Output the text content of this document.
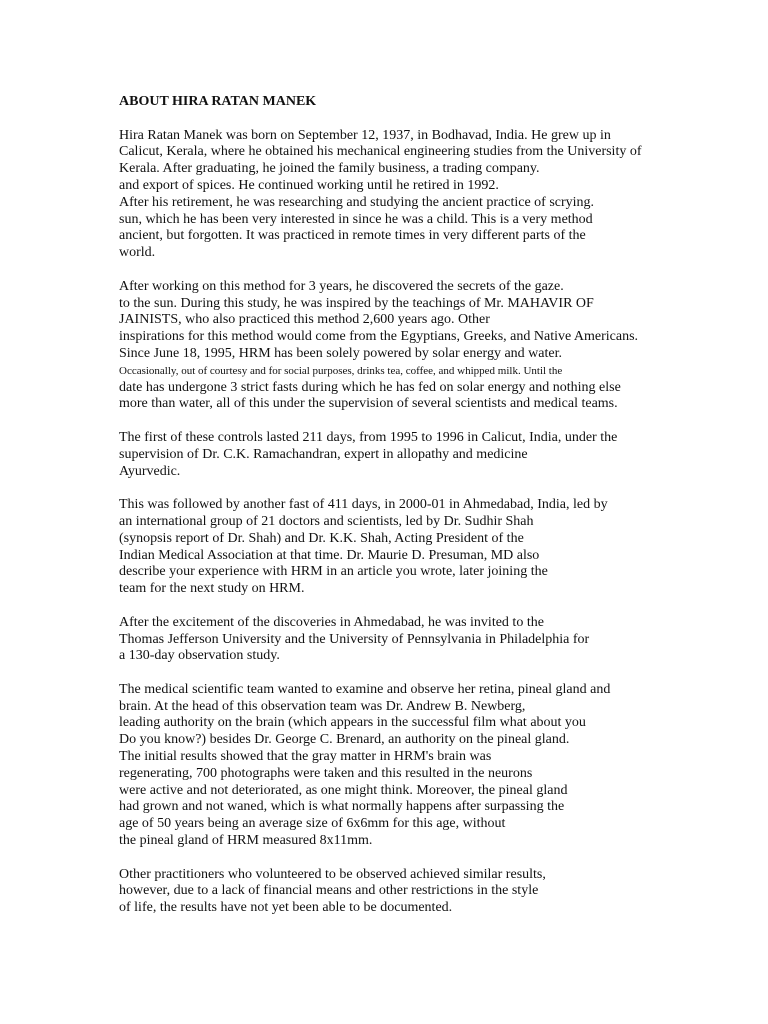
ABOUT HIRA RATAN MANEK
Hira Ratan Manek was born on September 12, 1937, in Bodhavad, India. He grew up in
Calicut, Kerala, where he obtained his mechanical engineering studies from the University of
Kerala. After graduating, he joined the family business, a trading company.
and export of spices. He continued working until he retired in 1992.
After his retirement, he was researching and studying the ancient practice of scrying.
sun, which he has been very interested in since he was a child. This is a very method
ancient, but forgotten. It was practiced in remote times in very different parts of the
world.
After working on this method for 3 years, he discovered the secrets of the gaze.
to the sun. During this study, he was inspired by the teachings of Mr. MAHAVIR OF
JAINISTS, who also practiced this method 2,600 years ago. Other
inspirations for this method would come from the Egyptians, Greeks, and Native Americans.
Since June 18, 1995, HRM has been solely powered by solar energy and water.
Occasionally, out of courtesy and for social purposes, drinks tea, coffee, and whipped milk. Until the
date has undergone 3 strict fasts during which he has fed on solar energy and nothing else
more than water, all of this under the supervision of several scientists and medical teams.
The first of these controls lasted 211 days, from 1995 to 1996 in Calicut, India, under the
supervision of Dr. C.K. Ramachandran, expert in allopathy and medicine
Ayurvedic.
This was followed by another fast of 411 days, in 2000-01 in Ahmedabad, India, led by
an international group of 21 doctors and scientists, led by Dr. Sudhir Shah
(synopsis report of Dr. Shah) and Dr. K.K. Shah, Acting President of the
Indian Medical Association at that time. Dr. Maurie D. Presuman, MD also
describe your experience with HRM in an article you wrote, later joining the
team for the next study on HRM.
After the excitement of the discoveries in Ahmedabad, he was invited to the
Thomas Jefferson University and the University of Pennsylvania in Philadelphia for
a 130-day observation study.
The medical scientific team wanted to examine and observe her retina, pineal gland and
brain. At the head of this observation team was Dr. Andrew B. Newberg,
leading authority on the brain (which appears in the successful film what about you
Do you know?) besides Dr. George C. Brenard, an authority on the pineal gland.
The initial results showed that the gray matter in HRM's brain was
regenerating, 700 photographs were taken and this resulted in the neurons
were active and not deteriorated, as one might think. Moreover, the pineal gland
had grown and not waned, which is what normally happens after surpassing the
age of 50 years being an average size of 6x6mm for this age, without
the pineal gland of HRM measured 8x11mm.
Other practitioners who volunteered to be observed achieved similar results,
however, due to a lack of financial means and other restrictions in the style
of life, the results have not yet been able to be documented.
